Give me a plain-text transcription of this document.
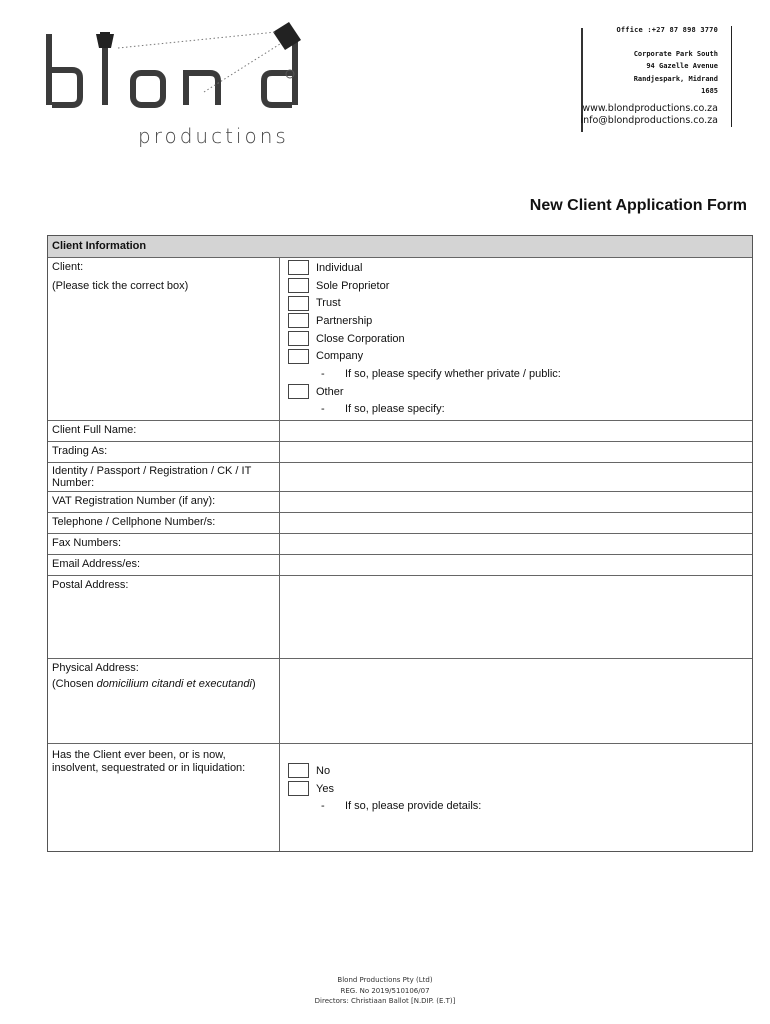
productions
Office :+27 87 898 3770
Corporate Park South
94 Gazelle Avenue
Randjespark, Midrand
1685
www.blondproductions.co.za
info@blondproductions.co.za
New Client Application Form
Client Information
Client:
(Please tick the correct box)
Individual
Sole Proprietor
Trust
Partnership
Close Corporation
Company
-	If so, please specify whether private / public:
Other
-	If so, please specify:
Client Full Name:
Trading As:
Identity / Passport / Registration / CK / IT Number:
VAT Registration Number (if any):
Telephone / Cellphone Number/s:
Fax Numbers:
Email Address/es:
Postal Address:
Physical Address:
(Chosen domicilium citandi et executandi)
Has the Client ever been, or is now, insolvent, sequestrated or in liquidation:	No
Yes
-	If so, please provide details:
Blond Productions Pty (Ltd)
REG. No 2019/510106/07
Directors: Christiaan Ballot [N.DIP. (E.T)]
